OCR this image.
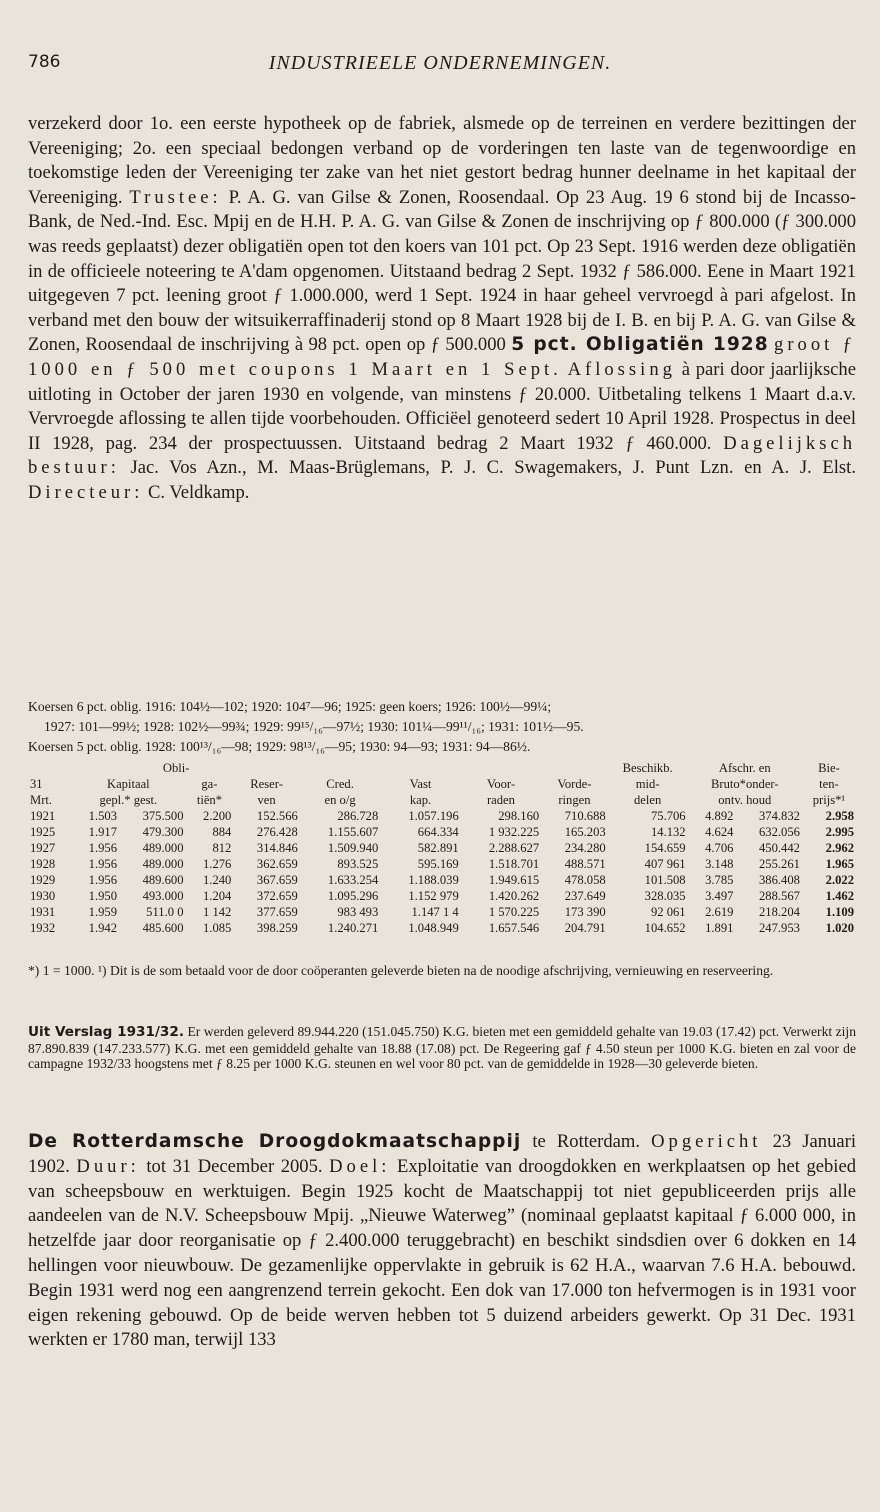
786	INDUSTRIEELE ONDERNEMINGEN.

verzekerd door 1o. een eerste hypotheek op de fabriek, alsmede op de terreinen en verdere bezittingen der Vereeniging; 2o. een speciaal bedongen verband op de vorderingen ten laste van de tegenwoordige en toekomstige leden der Vereeniging ter zake van het niet gestort bedrag hunner deelname in het kapitaal der Vereeniging. Trustee: P. A. G. van Gilse & Zonen, Roosendaal. Op 23 Aug. 19 6 stond bij de Incasso-Bank, de Ned.-Ind. Esc. Mpij en de H.H. P. A. G. van Gilse & Zonen de inschrijving op ƒ 800.000 (ƒ 300.000 was reeds geplaatst) dezer obligatiën open tot den koers van 101 pct. Op 23 Sept. 1916 werden deze obligatiën in de officieele noteering te A'dam opgenomen. Uitstaand bedrag 2 Sept. 1932 ƒ 586.000. Eene in Maart 1921 uitgegeven 7 pct. leening groot ƒ 1.000.000, werd 1 Sept. 1924 in haar geheel vervroegd à pari afgelost. In verband met den bouw der witsuikerraffinaderij stond op 8 Maart 1928 bij de I. B. en bij P. A. G. van Gilse & Zonen, Roosendaal de inschrijving à 98 pct. open op ƒ 500.000 5 pct. Obligatiën 1928 groot ƒ 1000 en ƒ 500 met coupons 1 Maart en 1 Sept. Aflossing à pari door jaarlijksche uitloting in October der jaren 1930 en volgende, van minstens ƒ 20.000. Uitbetaling telkens 1 Maart d.a.v. Vervroegde aflossing te allen tijde voorbehouden. Officiëel genoteerd sedert 10 April 1928. Prospectus in deel II 1928, pag. 234 der prospectuussen. Uitstaand bedrag 2 Maart 1932 ƒ 460.000. Dagelijksch bestuur: Jac. Vos Azn., M. Maas-Brüglemans, P. J. C. Swagemakers, J. Punt Lzn. en A. J. Elst. Directeur: C. Veldkamp.

Koersen 6 pct. oblig. 1916: 104½—102; 1920: 104⁷—96; 1925: geen koers; 1926: 100½—99¼;

1927: 101—99½; 1928: 102½—99¾; 1929: 99¹⁵/₁₆—97½; 1930: 101¼—99¹¹/₁₆; 1931: 101½—95.

Koersen 5 pct. oblig. 1928: 100¹³/₁₆—98; 1929: 98¹³/₁₆—95; 1930: 94—93; 1931: 94—86½.

		Obli-							Beschikb.	Afschr. en		Bie-
31	Kapitaal		ga-	Reser-	Cred.	Vast	Voor-	Vorde-	mid-	Bruto*onder-		ten-
Mrt.	gepl.* gest.		tiën*	ven	en o/g	kap.	raden	ringen	delen	ontv. houd		prijs*¹
1921	1.503	375.500	2.200	152.566	286.728	1.057.196	298.160	710.688	75.706	4.892	374.832	2.958
1925	1.917	479.300	884	276.428	1.155.607	664.334	1 932.225	165.203	14.132	4.624	632.056	2.995
1927	1.956	489.000	812	314.846	1.509.940	582.891	2.288.627	234.280	154.659	4.706	450.442	2.962
1928	1.956	489.000	1.276	362.659	893.525	595.169	1.518.701	488.571	407 961	3.148	255.261	1.965
1929	1.956	489.600	1.240	367.659	1.633.254	1.188.039	1.949.615	478.058	101.508	3.785	386.408	2.022
1930	1.950	493.000	1.204	372.659	1.095.296	1.152 979	1.420.262	237.649	328.035	3.497	288.567	1.462
1931	1.959	511.0 0	1 142	377.659	983 493	1.147 1 4	1 570.225	173 390	92 061	2.619	218.204	1.109
1932	1.942	485.600	1.085	398.259	1.240.271	1.048.949	1.657.546	204.791	104.652	1.891	247.953	1.020

*) 1 = 1000. ¹) Dit is de som betaald voor de door coöperanten geleverde bieten na de noodige afschrijving, vernieuwing en reserveering.

Uit Verslag 1931/32. Er werden geleverd 89.944.220 (151.045.750) K.G. bieten met een gemiddeld gehalte van 19.03 (17.42) pct. Verwerkt zijn 87.890.839 (147.233.577) K.G. met een gemiddeld gehalte van 18.88 (17.08) pct. De Regeering gaf ƒ 4.50 steun per 1000 K.G. bieten en zal voor de campagne 1932/33 hoogstens met ƒ 8.25 per 1000 K.G. steunen en wel voor 80 pct. van de gemiddelde in 1928—30 geleverde bieten.

De Rotterdamsche Droogdokmaatschappij te Rotterdam. Opgericht 23 Januari 1902. Duur: tot 31 December 2005. Doel: Exploitatie van droogdokken en werkplaatsen op het gebied van scheepsbouw en werktuigen. Begin 1925 kocht de Maatschappij tot niet gepubliceerden prijs alle aandeelen van de N.V. Scheepsbouw Mpij. „Nieuwe Waterweg” (nominaal geplaatst kapitaal ƒ 6.000 000, in hetzelfde jaar door reorganisatie op ƒ 2.400.000 teruggebracht) en beschikt sindsdien over 6 dokken en 14 hellingen voor nieuwbouw. De gezamenlijke oppervlakte in gebruik is 62 H.A., waarvan 7.6 H.A. bebouwd. Begin 1931 werd nog een aangrenzend terrein gekocht. Een dok van 17.000 ton hefvermogen is in 1931 voor eigen rekening gebouwd. Op de beide werven hebben tot 5 duizend arbeiders gewerkt. Op 31 Dec. 1931 werkten er 1780 man, terwijl 133
